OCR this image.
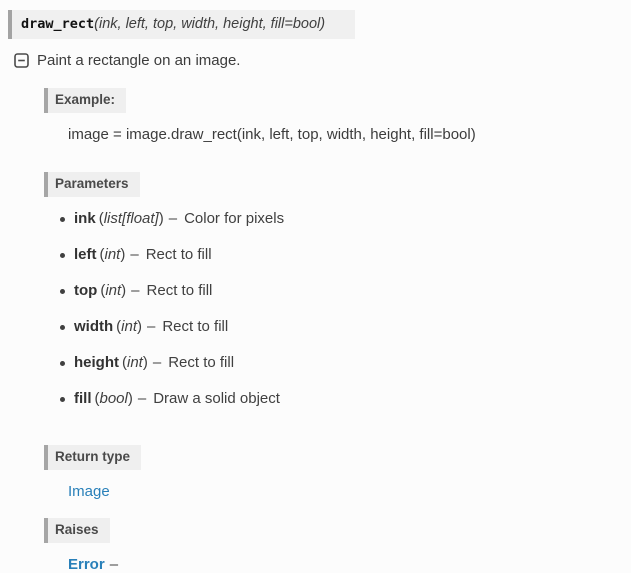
draw_rect(ink, left, top, width, height, fill=bool)
Paint a rectangle on an image.
Example:
image = image.draw_rect(ink, left, top, width, height, fill=bool)
Parameters
ink (list[float]) – Color for pixels
left (int) – Rect to fill
top (int) – Rect to fill
width (int) – Rect to fill
height (int) – Rect to fill
fill (bool) – Draw a solid object
Return type
Image
Raises
Error –
